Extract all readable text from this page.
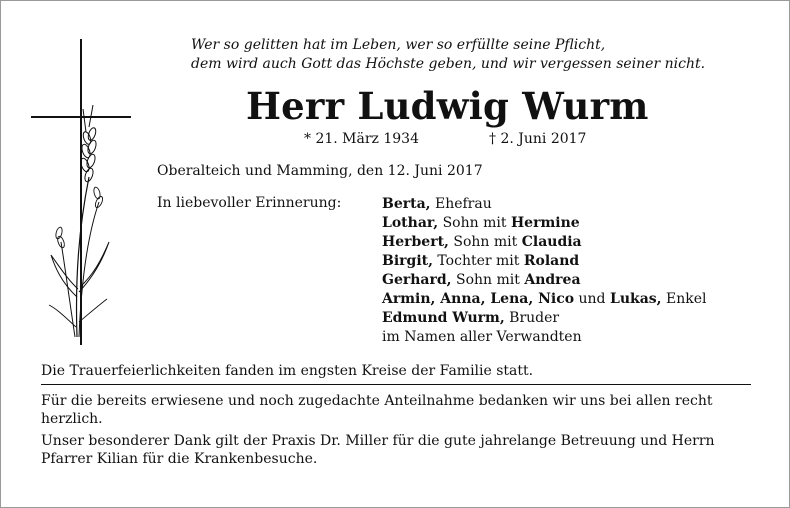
Wer so gelitten hat im Leben, wer so erfüllte seine Pflicht,
dem wird auch Gott das Höchste geben, und wir vergessen seiner nicht.
Herr Ludwig Wurm
* 21. März 1934	† 2. Juni 2017
Oberalteich und Mamming, den 12. Juni 2017
In liebevoller Erinnerung:	Berta, Ehefrau
Lothar, Sohn mit Hermine
Herbert, Sohn mit Claudia
Birgit, Tochter mit Roland
Gerhard, Sohn mit Andrea
Armin, Anna, Lena, Nico und Lukas, Enkel
Edmund Wurm, Bruder
im Namen aller Verwandten
Die Trauerfeierlichkeiten fanden im engsten Kreise der Familie statt.
Für die bereits erwiesene und noch zugedachte Anteilnahme bedanken wir uns bei allen recht herzlich.
Unser besonderer Dank gilt der Praxis Dr. Miller für die gute jahrelange Betreuung und Herrn Pfarrer Kilian für die Krankenbesuche.
